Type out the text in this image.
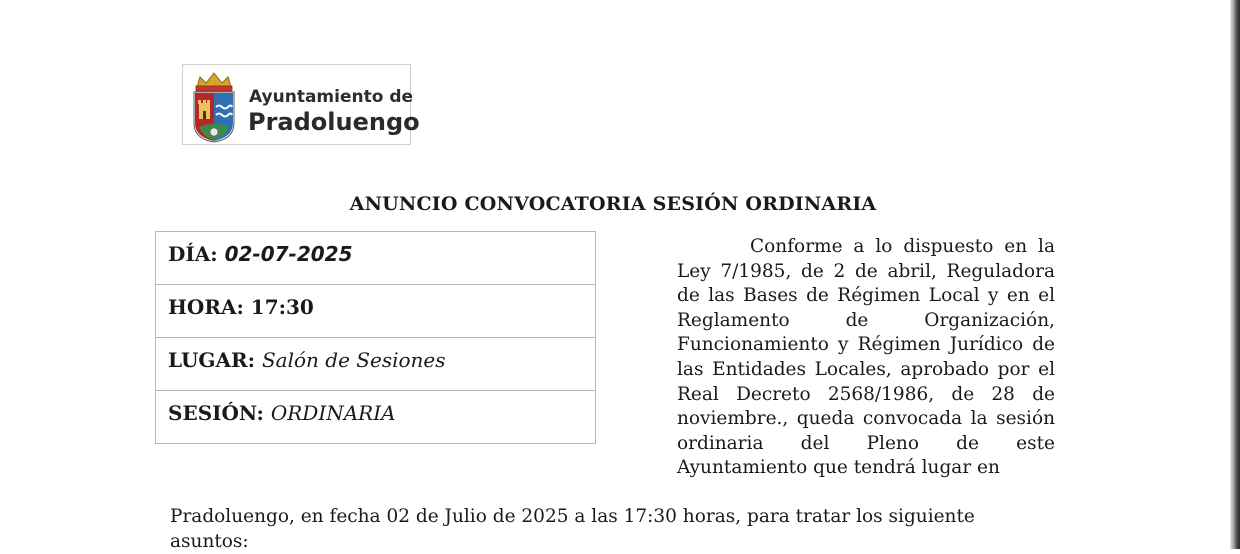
Ayuntamiento de
Pradoluengo
ANUNCIO CONVOCATORIA SESIÓN ORDINARIA
DÍA: 02-07-2025
HORA: 17:30
LUGAR: Salón de Sesiones
SESIÓN: ORDINARIA
Conforme a lo dispuesto en la Ley 7/1985, de 2 de abril, Reguladora de las Bases de Régimen Local y en el Reglamento de Organización, Funcionamiento y Régimen Jurídico de las Entidades Locales, aprobado por el Real Decreto 2568/1986, de 28 de noviembre., queda convocada la sesión ordinaria del Pleno de este Ayuntamiento que tendrá lugar en
Pradoluengo, en fecha 02 de Julio de 2025 a las 17:30 horas, para tratar los siguiente asuntos:
